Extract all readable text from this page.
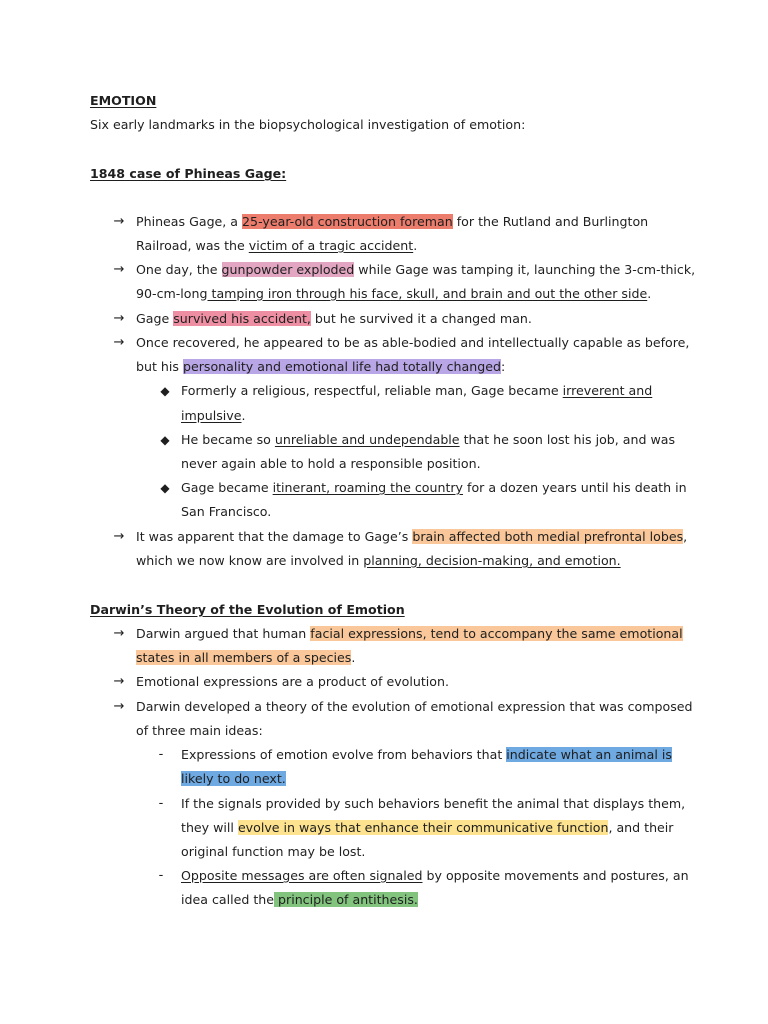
EMOTION
Six early landmarks in the biopsychological investigation of emotion:
1848 case of Phineas Gage:
→ Phineas Gage, a 25-year-old construction foreman for the Rutland and Burlington
Railroad, was the victim of a tragic accident.
→ One day, the gunpowder exploded while Gage was tamping it, launching the 3-cm-thick,
90-cm-long tamping iron through his face, skull, and brain and out the other side.
→ Gage survived his accident, but he survived it a changed man.
→ Once recovered, he appeared to be as able-bodied and intellectually capable as before,
but his personality and emotional life had totally changed:
◆ Formerly a religious, respectful, reliable man, Gage became irreverent and
impulsive.
◆ He became so unreliable and undependable that he soon lost his job, and was
never again able to hold a responsible position.
◆ Gage became itinerant, roaming the country for a dozen years until his death in
San Francisco.
→ It was apparent that the damage to Gage’s brain affected both medial prefrontal lobes,
which we now know are involved in planning, decision-making, and emotion.
Darwin’s Theory of the Evolution of Emotion
→ Darwin argued that human facial expressions, tend to accompany the same emotional
states in all members of a species.
→ Emotional expressions are a product of evolution.
→ Darwin developed a theory of the evolution of emotional expression that was composed
of three main ideas:
-	Expressions of emotion evolve from behaviors that indicate what an animal is
likely to do next.
-	If the signals provided by such behaviors benefit the animal that displays them,
they will evolve in ways that enhance their communicative function, and their
original function may be lost.
-	Opposite messages are often signaled by opposite movements and postures, an
idea called the principle of antithesis.
